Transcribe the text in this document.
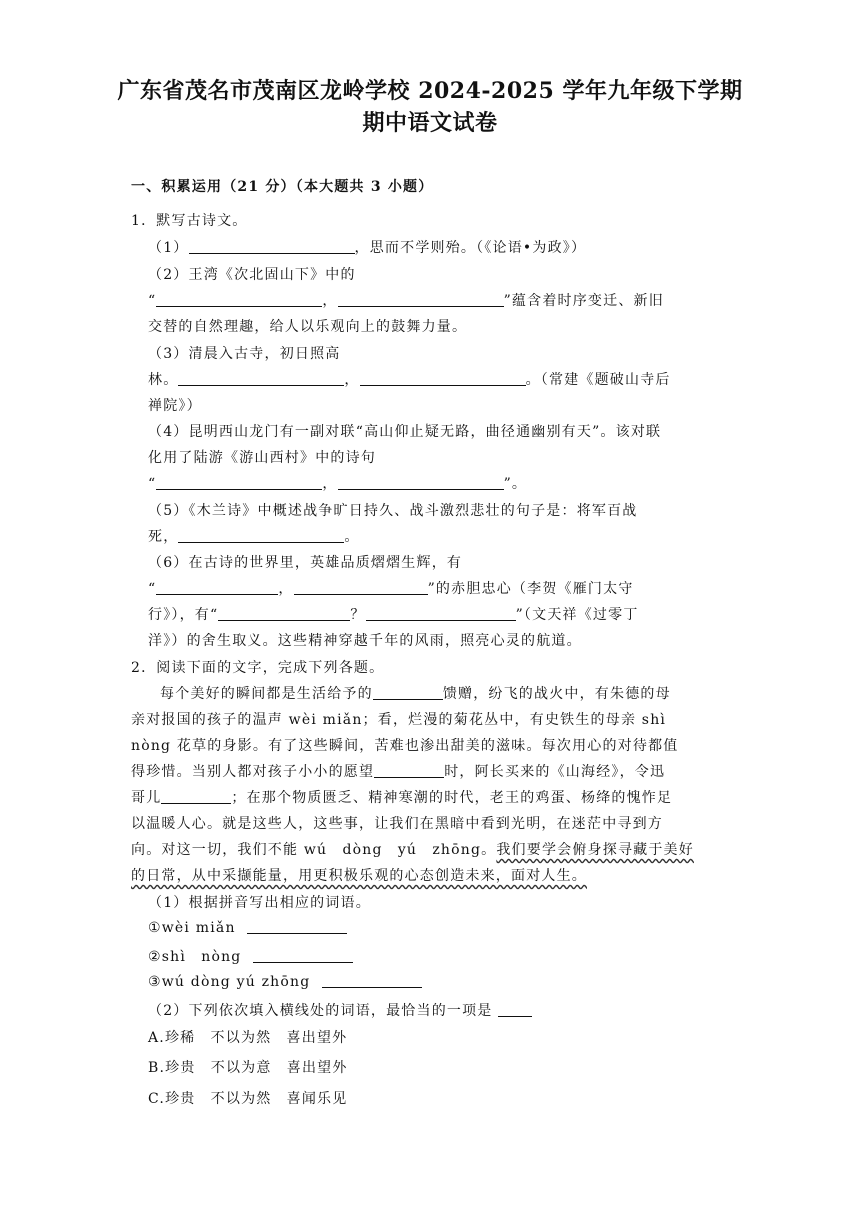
广东省茂名市茂南区龙岭学校 2024-2025 学年九年级下学期
期中语文试卷
一、积累运用（21 分）（本大题共 3 小题）
1．默写古诗文。
（1）	，思而不学则殆。（《论语•为政》）
（2）王湾《次北固山下》中的
“	，	”蕴含着时序变迁、新旧
交替的自然理趣，给人以乐观向上的鼓舞力量。
（3）清晨入古寺，初日照高
林。	，	。（常建《题破山寺后
禅院》）
（4）昆明西山龙门有一副对联“高山仰止疑无路，曲径通幽别有天”。该对联
化用了陆游《游山西村》中的诗句
“	，	”。
（5）《木兰诗》中概述战争旷日持久、战斗激烈悲壮的句子是：将军百战
死，	。
（6）在古诗的世界里，英雄品质熠熠生辉，有
“	，	”的赤胆忠心（李贺《雁门太守
行》），有“	？	”（文天祥《过零丁
洋》）的舍生取义。这些精神穿越千年的风雨，照亮心灵的航道。
2．阅读下面的文字，完成下列各题。
每个美好的瞬间都是生活给予的	馈赠，纷飞的战火中，有朱德的母
亲对报国的孩子的温声 wèi miǎn；看，烂漫的菊花丛中，有史铁生的母亲 shì
nòng 花草的身影。有了这些瞬间，苦难也渗出甜美的滋味。每次用心的对待都值
得珍惜。当别人都对孩子小小的愿望	时，阿长买来的《山海经》，令迅
哥儿	；在那个物质匮乏、精神寒潮的时代，老王的鸡蛋、杨绛的愧怍足
以温暖人心。就是这些人，这些事，让我们在黑暗中看到光明，在迷茫中寻到方
向。对这一切，我们不能 wú　dòng　yú　zhōng。我们要学会俯身探寻藏于美好
的日常，从中采撷能量，用更积极乐观的心态创造未来，面对人生。
（1）根据拼音写出相应的词语。
①wèi miǎn
②shì　nòng
③wú dòng yú zhōng
（2）下列依次填入横线处的词语，最恰当的一项是
A.珍稀　不以为然　喜出望外
B.珍贵　不以为意　喜出望外
C.珍贵　不以为然　喜闻乐见
